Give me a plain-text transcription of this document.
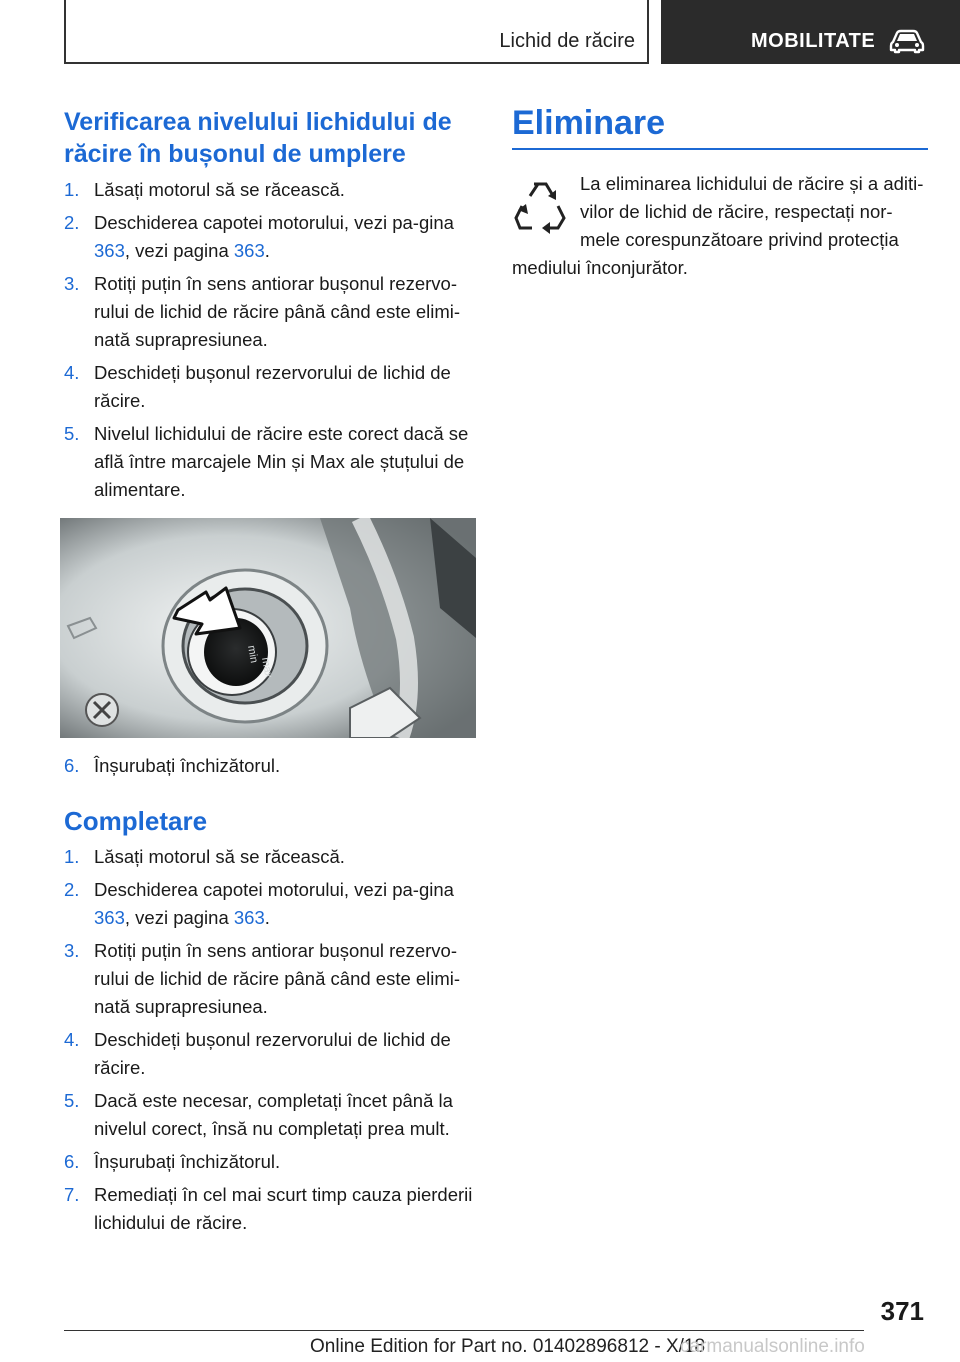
Lichid de răcire	MOBILITATE
Verificarea nivelului lichidului de răcire în bușonul de umplere
1. Lăsați motorul să se răcească.
2. Deschiderea capotei motorului, vezi pa-gina 363, vezi pagina 363.
3. Rotiți puțin în sens antiorar bușonul rezervo-rului de lichid de răcire până când este elimi-nată suprapresiunea.
4. Deschideți bușonul rezervorului de lichid de răcire.
5. Nivelul lichidului de răcire este corect dacă se află între marcajele Min și Max ale ștuțului de alimentare.
min
max
6. Înșurubați închizătorul.
Completare
1. Lăsați motorul să se răcească.
2. Deschiderea capotei motorului, vezi pa-gina 363, vezi pagina 363.
3. Rotiți puțin în sens antiorar bușonul rezervo-rului de lichid de răcire până când este elimi-nată suprapresiunea.
4. Deschideți bușonul rezervorului de lichid de răcire.
5. Dacă este necesar, completați încet până la nivelul corect, însă nu completați prea mult.
6. Înșurubați închizătorul.
7. Remediați în cel mai scurt timp cauza pierderii lichidului de răcire.
Eliminare
La eliminarea lichidului de răcire și a aditi-vilor de lichid de răcire, respectați nor-mele corespunzătoare privind protecția mediului înconjurător.
371
Online Edition for Part no. 01402896812 - X/18
carmanualsonline.info
